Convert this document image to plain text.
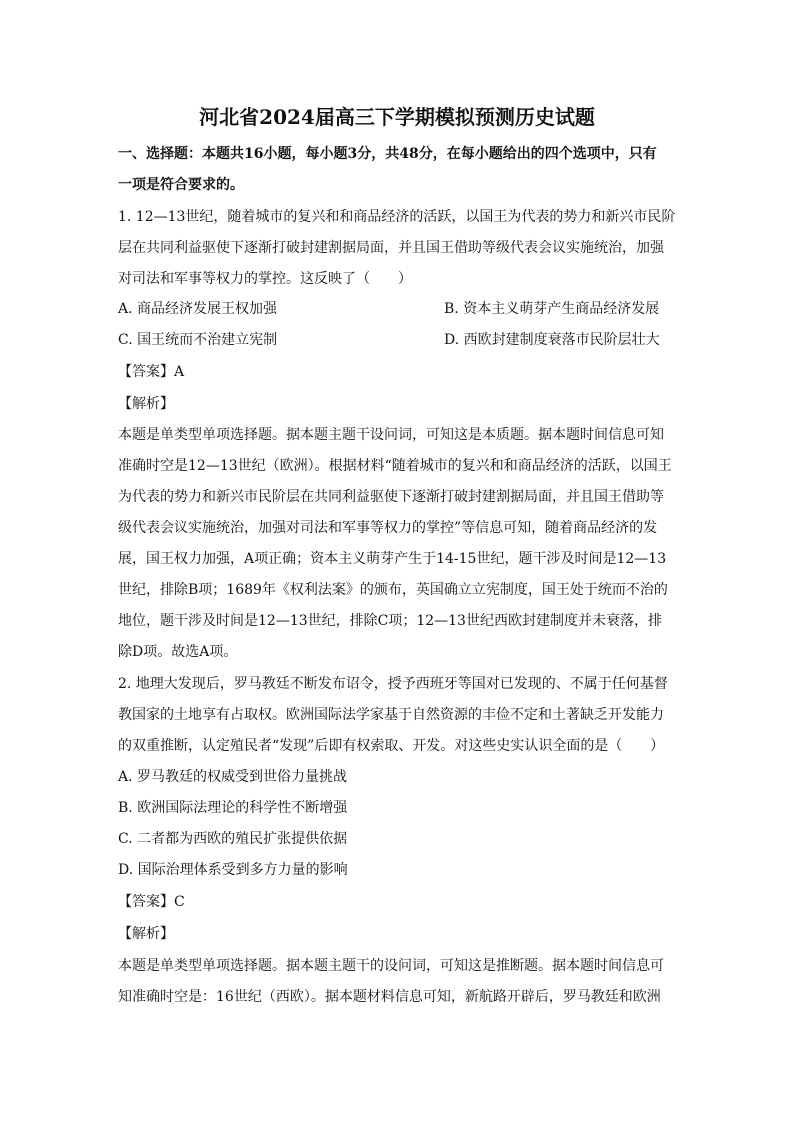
河北省2024届高三下学期模拟预测历史试题
一、选择题：本题共16小题，每小题3分，共48分，在每小题给出的四个选项中，只有
一项是符合要求的。
1. 12—13世纪，随着城市的复兴和和商品经济的活跃，以国王为代表的势力和新兴市民阶
层在共同利益驱使下逐渐打破封建割据局面，并且国王借助等级代表会议实施统治，加强
对司法和军事等权力的掌控。这反映了（　　）
A. 商品经济发展王权加强	B. 资本主义萌芽产生商品经济发展
C. 国王统而不治建立宪制	D. 西欧封建制度衰落市民阶层壮大
【答案】A
【解析】
本题是单类型单项选择题。据本题主题干设问词，可知这是本质题。据本题时间信息可知
准确时空是12—13世纪（欧洲）。根据材料“随着城市的复兴和和商品经济的活跃，以国王
为代表的势力和新兴市民阶层在共同利益驱使下逐渐打破封建割据局面，并且国王借助等
级代表会议实施统治，加强对司法和军事等权力的掌控”等信息可知，随着商品经济的发
展，国王权力加强，A项正确；资本主义萌芽产生于14-15世纪，题干涉及时间是12—13
世纪，排除B项；1689年《权利法案》的颁布，英国确立立宪制度，国王处于统而不治的
地位，题干涉及时间是12—13世纪，排除C项；12—13世纪西欧封建制度并未衰落，排
除D项。故选A项。
2. 地理大发现后，罗马教廷不断发布诏令，授予西班牙等国对已发现的、不属于任何基督
教国家的土地享有占取权。欧洲国际法学家基于自然资源的丰俭不定和土著缺乏开发能力
的双重推断，认定殖民者“发现”后即有权索取、开发。对这些史实认识全面的是（　　）
A. 罗马教廷的权威受到世俗力量挑战
B. 欧洲国际法理论的科学性不断增强
C. 二者都为西欧的殖民扩张提供依据
D. 国际治理体系受到多方力量的影响
【答案】C
【解析】
本题是单类型单项选择题。据本题主题干的设问词，可知这是推断题。据本题时间信息可
知准确时空是：16世纪（西欧）。据本题材料信息可知，新航路开辟后，罗马教廷和欧洲
